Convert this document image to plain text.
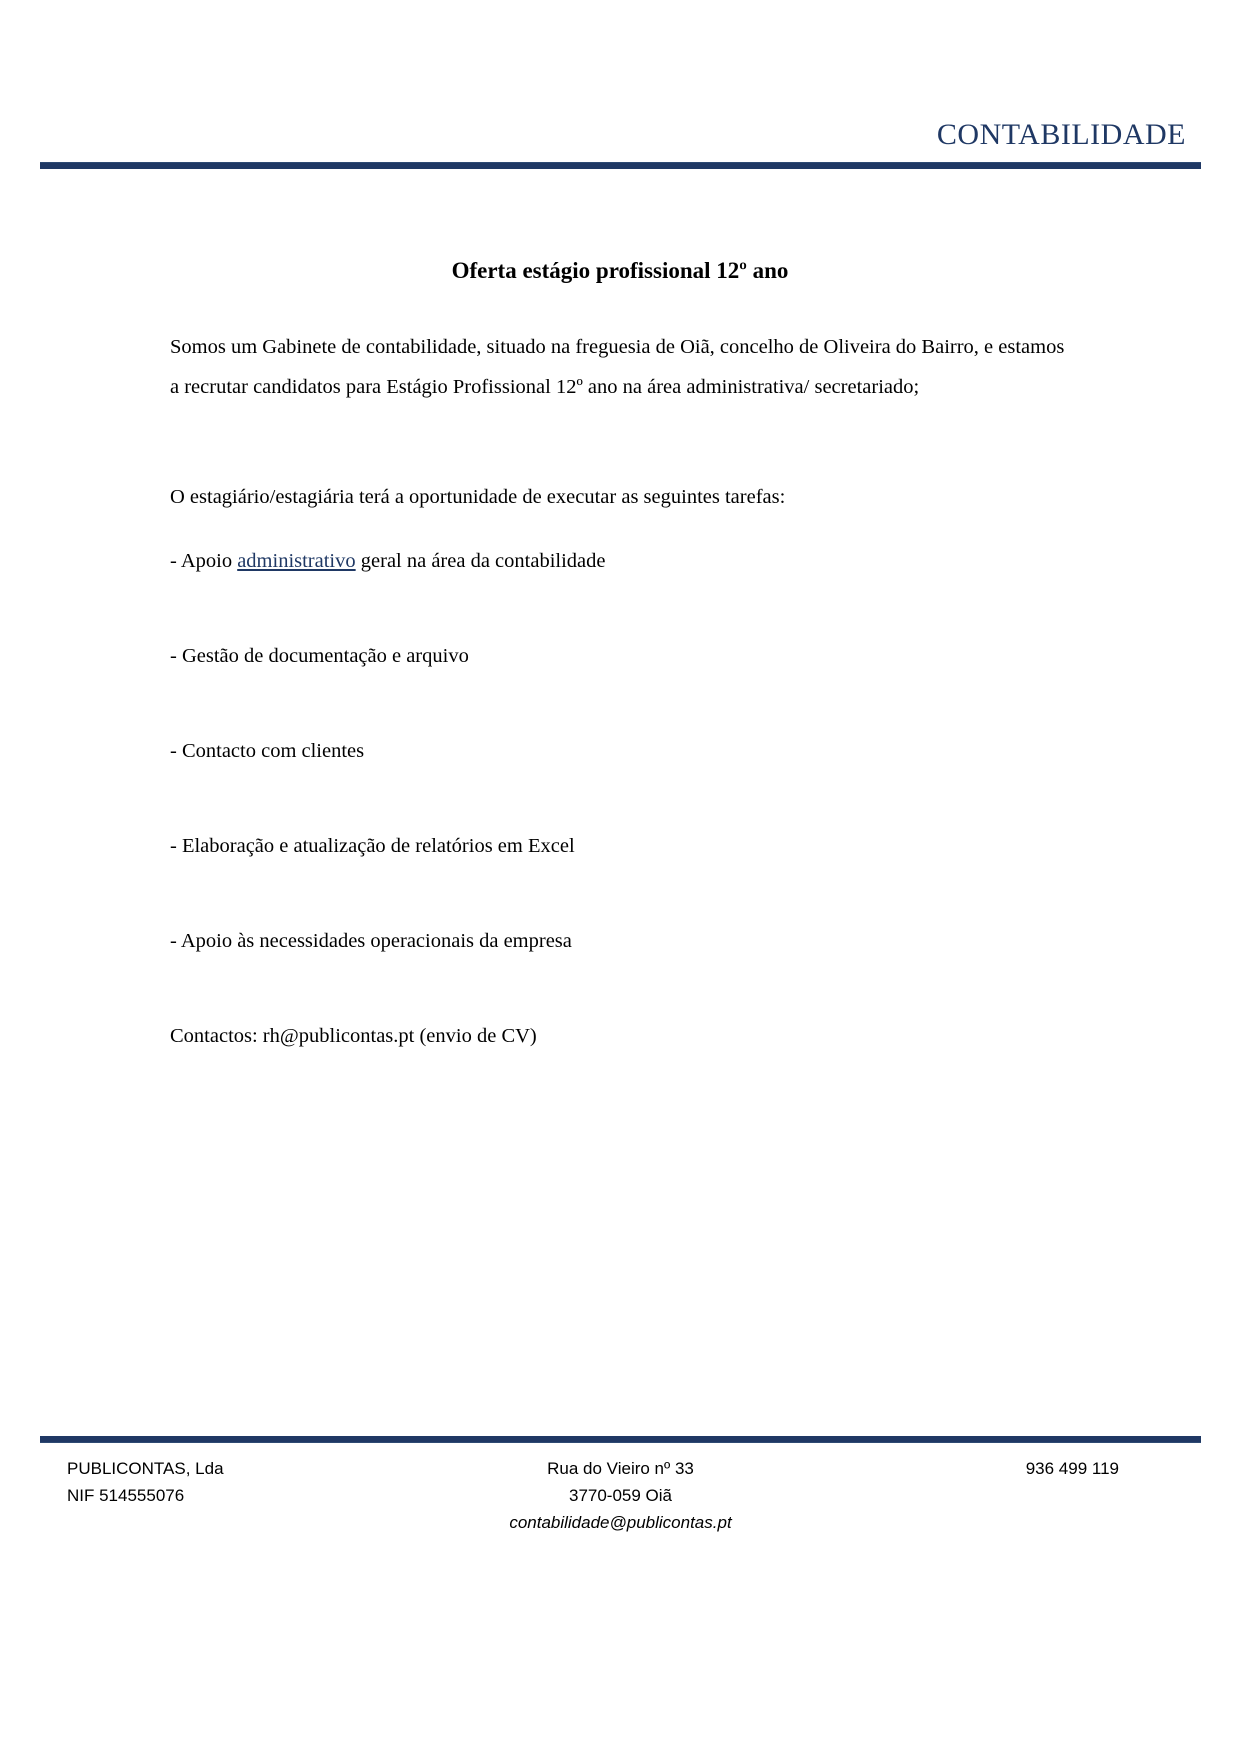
CONTABILIDADE
Oferta estágio profissional 12º ano

Somos um Gabinete de contabilidade, situado na freguesia de Oiã, concelho de Oliveira do Bairro, e estamos a recrutar candidatos para Estágio Profissional 12º ano na área administrativa/ secretariado;

O estagiário/estagiária terá a oportunidade de executar as seguintes tarefas:

- Apoio administrativo geral na área da contabilidade

- Gestão de documentação e arquivo

- Contacto com clientes

- Elaboração e atualização de relatórios em Excel

- Apoio às necessidades operacionais da empresa

Contactos: rh@publicontas.pt (envio de CV)

PUBLICONTAS, Lda
NIF 514555076
Rua do Vieiro nº 33
3770-059 Oiã
contabilidade@publicontas.pt
936 499 119
